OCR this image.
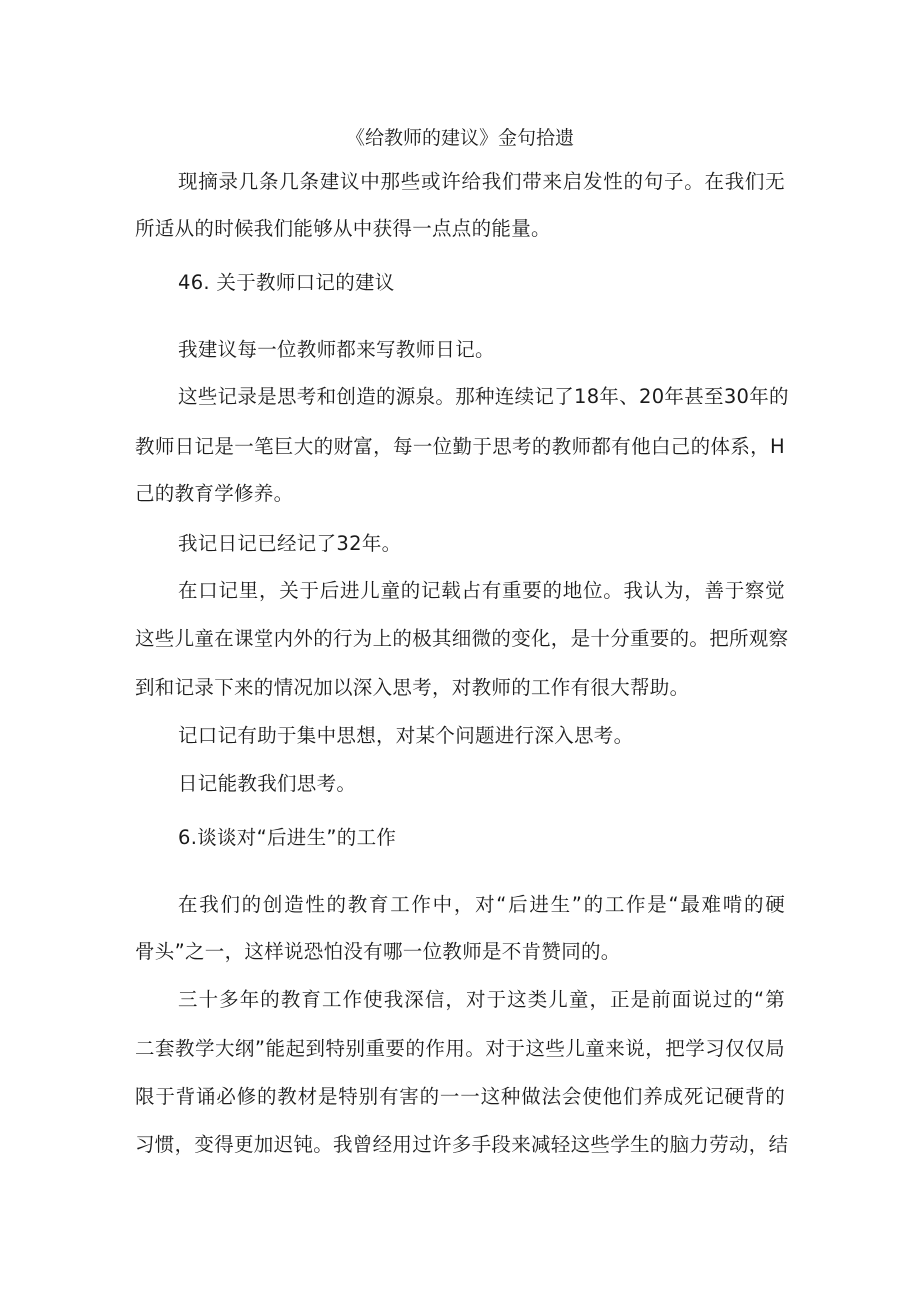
《给教师的建议》金句拾遗
现摘录几条几条建议中那些或许给我们带来启发性的句子。在我们无
所适从的时候我们能够从中获得一点点的能量。
46. 关于教师口记的建议
我建议每一位教师都来写教师日记。
这些记录是思考和创造的源泉。那种连续记了18年、20年甚至30年的
教师日记是一笔巨大的财富，每一位勤于思考的教师都有他白己的体系，H
己的教育学修养。
我记日记已经记了32年。
在口记里，关于后进儿童的记载占有重要的地位。我认为，善于察觉
这些儿童在课堂内外的行为上的极其细微的变化，是十分重要的。把所观察
到和记录下来的情况加以深入思考，对教师的工作有很大帮助。
记口记有助于集中思想，对某个问题进行深入思考。
日记能教我们思考。
6.谈谈对“后进生”的工作
在我们的创造性的教育工作中，对“后进生”的工作是“最难啃的硬
骨头”之一，这样说恐怕没有哪一位教师是不肯赞同的。
三十多年的教育工作使我深信，对于这类儿童，正是前面说过的“第
二套教学大纲”能起到特别重要的作用。对于这些儿童来说，把学习仅仅局
限于背诵必修的教材是特别有害的一一这种做法会使他们养成死记硬背的
习惯，变得更加迟钝。我曾经用过许多手段来减轻这些学生的脑力劳动，结
